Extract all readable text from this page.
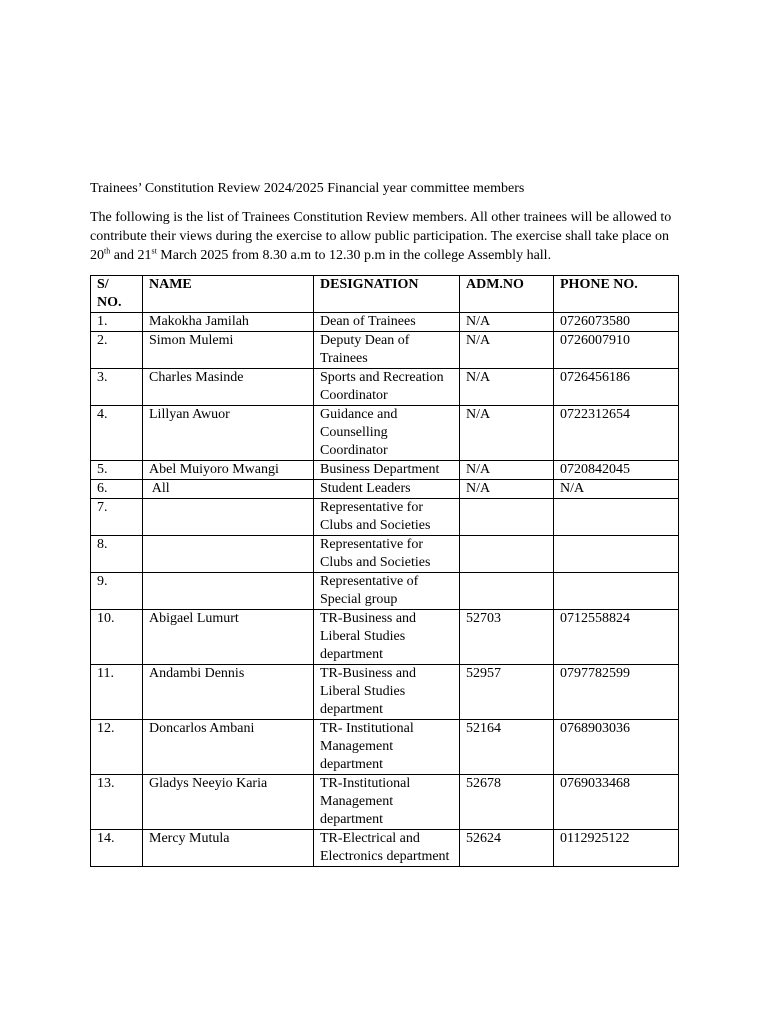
Trainees’ Constitution Review 2024/2025 Financial year committee members

The following is the list of Trainees Constitution Review members. All other trainees will be allowed to contribute their views during the exercise to allow public participation. The exercise shall take place on 20th and 21st March 2025 from 8.30 a.m to 12.30 p.m in the college Assembly hall.

S/ NO.	NAME	DESIGNATION	ADM.NO	PHONE NO.
1.	Makokha Jamilah	Dean of Trainees	N/A	0726073580
2.	Simon Mulemi	Deputy Dean of Trainees	N/A	0726007910
3.	Charles Masinde	Sports and Recreation Coordinator	N/A	0726456186
4.	Lillyan Awuor	Guidance and Counselling Coordinator	N/A	0722312654
5.	Abel Muiyoro Mwangi	Business Department	N/A	0720842045
6.	All	Student Leaders	N/A	N/A
7.		Representative for Clubs and Societies		
8.		Representative for Clubs and Societies		
9.		Representative of Special group		
10.	Abigael Lumurt	TR-Business and Liberal Studies department	52703	0712558824
11.	Andambi Dennis	TR-Business and Liberal Studies department	52957	0797782599
12.	Doncarlos Ambani	TR- Institutional Management department	52164	0768903036
13.	Gladys Neeyio Karia	TR-Institutional Management department	52678	0769033468
14.	Mercy Mutula	TR-Electrical and Electronics department	52624	0112925122
